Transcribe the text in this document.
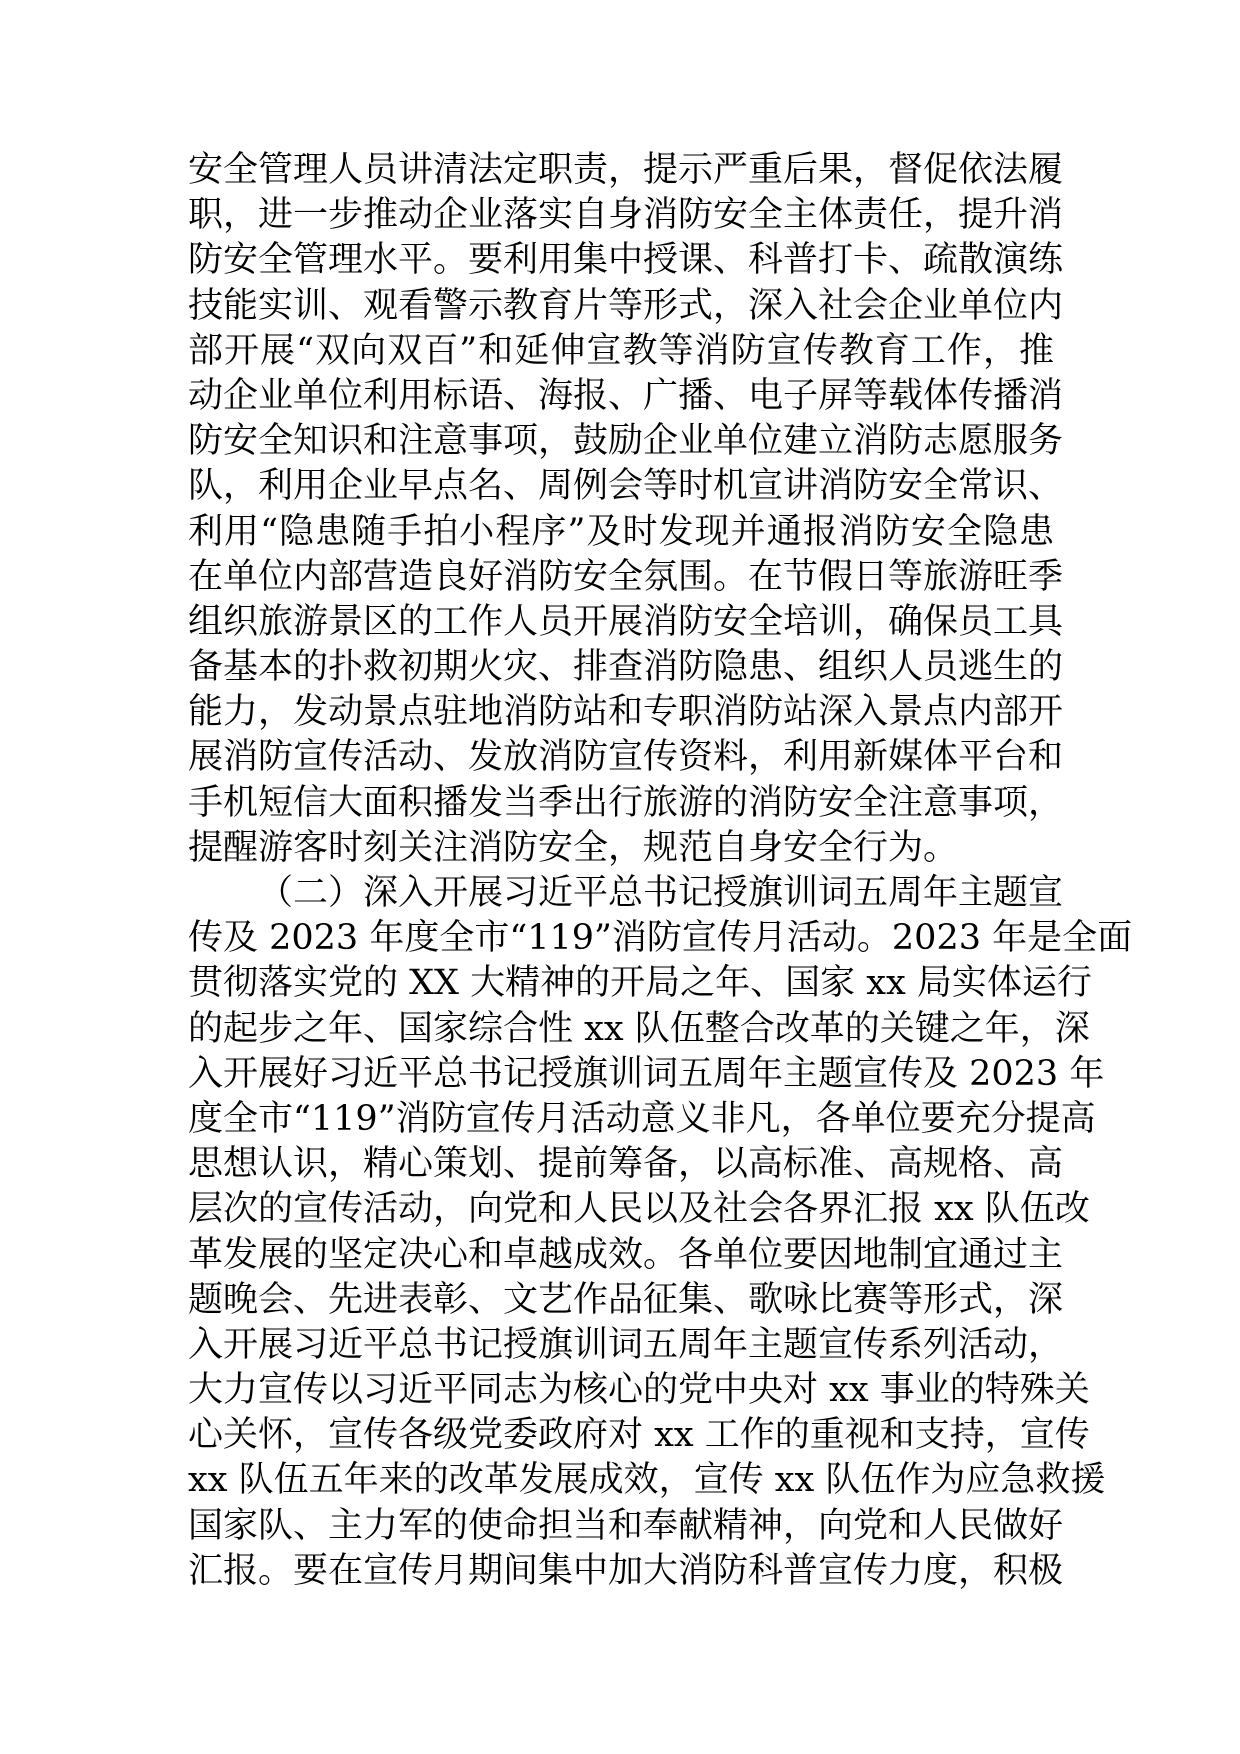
安全管理人员讲清法定职责，提示严重后果，督促依法履
职，进一步推动企业落实自身消防安全主体责任，提升消
防安全管理水平。要利用集中授课、科普打卡、疏散演练
技能实训、观看警示教育片等形式，深入社会企业单位内
部开展“双向双百”和延伸宣教等消防宣传教育工作，推
动企业单位利用标语、海报、广播、电子屏等载体传播消
防安全知识和注意事项，鼓励企业单位建立消防志愿服务
队，利用企业早点名、周例会等时机宣讲消防安全常识、
利用“隐患随手拍小程序”及时发现并通报消防安全隐患
在单位内部营造良好消防安全氛围。在节假日等旅游旺季
组织旅游景区的工作人员开展消防安全培训，确保员工具
备基本的扑救初期火灾、排查消防隐患、组织人员逃生的
能力，发动景点驻地消防站和专职消防站深入景点内部开
展消防宣传活动、发放消防宣传资料，利用新媒体平台和
手机短信大面积播发当季出行旅游的消防安全注意事项，
提醒游客时刻关注消防安全，规范自身安全行为。
（二）深入开展习近平总书记授旗训词五周年主题宣
传及 2023 年度全市“119”消防宣传月活动。2023 年是全面
贯彻落实党的 XX 大精神的开局之年、国家 xx 局实体运行
的起步之年、国家综合性 xx 队伍整合改革的关键之年，深
入开展好习近平总书记授旗训词五周年主题宣传及 2023 年
度全市“119”消防宣传月活动意义非凡，各单位要充分提高
思想认识，精心策划、提前筹备，以高标准、高规格、高
层次的宣传活动，向党和人民以及社会各界汇报 xx 队伍改
革发展的坚定决心和卓越成效。各单位要因地制宜通过主
题晚会、先进表彰、文艺作品征集、歌咏比赛等形式，深
入开展习近平总书记授旗训词五周年主题宣传系列活动，
大力宣传以习近平同志为核心的党中央对 xx 事业的特殊关
心关怀，宣传各级党委政府对 xx 工作的重视和支持，宣传
xx 队伍五年来的改革发展成效，宣传 xx 队伍作为应急救援
国家队、主力军的使命担当和奉献精神，向党和人民做好
汇报。要在宣传月期间集中加大消防科普宣传力度，积极
